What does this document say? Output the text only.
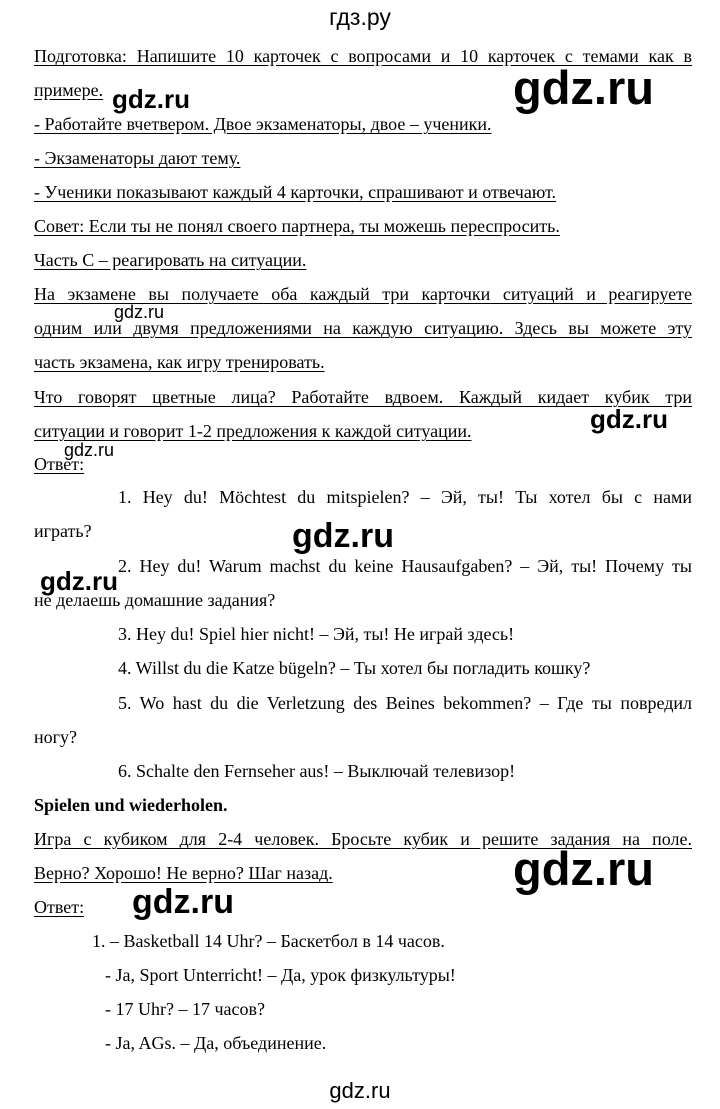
гдз.ру
Подготовка: Напишите 10 карточек с вопросами и 10 карточек с темами как в
примере.
- Работайте вчетвером. Двое экзаменаторы, двое – ученики.
- Экзаменаторы дают тему.
- Ученики показывают каждый 4 карточки, спрашивают и отвечают.
Совет: Если ты не понял своего партнера, ты можешь переспросить.
Часть С – реагировать на ситуации.
На экзамене вы получаете оба каждый три карточки ситуаций и реагируете
одним или двумя предложениями на каждую ситуацию. Здесь вы можете эту
часть экзамена, как игру тренировать.
Что говорят цветные лица? Работайте вдвоем. Каждый кидает кубик три
ситуации и говорит 1-2 предложения к каждой ситуации.
Ответ:
1. Hey du! Möchtest du mitspielen? – Эй, ты! Ты хотел бы с нами
играть?
2. Hey du! Warum machst du keine Hausaufgaben? – Эй, ты! Почему ты
не делаешь домашние задания?
3. Hey du! Spiel hier nicht! – Эй, ты! Не играй здесь!
4. Willst du die Katze bügeln? – Ты хотел бы погладить кошку?
5. Wo hast du die Verletzung des Beines bekommen? – Где ты повредил
ногу?
6. Schalte den Fernseher aus! – Выключай телевизор!
Spielen und wiederholen.
Игра с кубиком для 2-4 человек. Бросьте кубик и решите задания на поле.
Верно? Хорошо! Не верно? Шаг назад.
Ответ:
1. – Basketball 14 Uhr? – Баскетбол в 14 часов.
- Ja, Sport Unterricht! – Да, урок физкультуры!
- 17 Uhr? – 17 часов?
- Ja, AGs. – Да, объединение.
gdz.ru	gdz.ru
gdz.ru
gdz.ru
gdz.ru
gdz.ru
gdz.ru
gdz.ru
gdz.ru
gdz.ru
